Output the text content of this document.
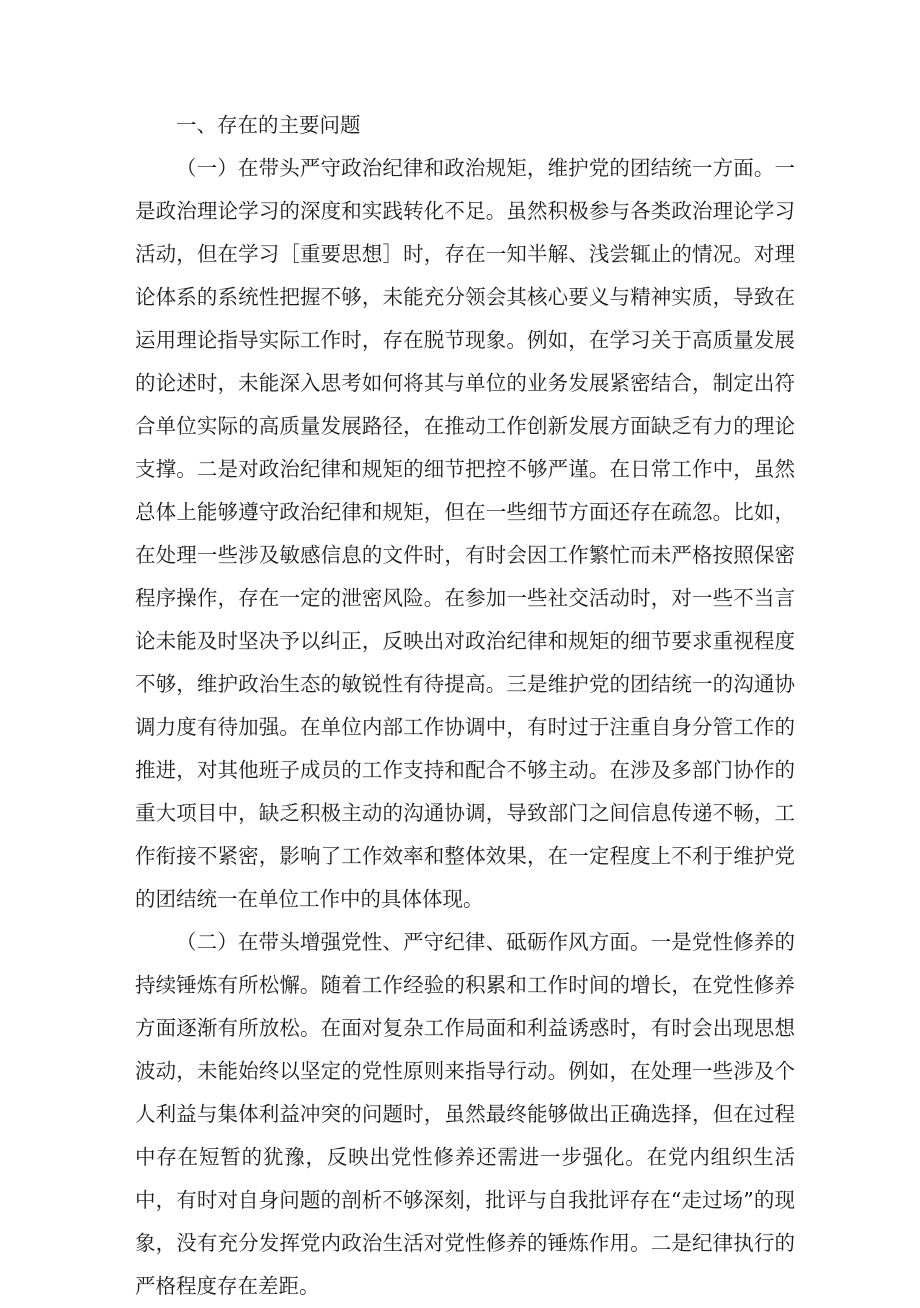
一、存在的主要问题

（一）在带头严守政治纪律和政治规矩，维护党的团结统一方面。一是政治理论学习的深度和实践转化不足。虽然积极参与各类政治理论学习活动，但在学习［重要思想］时，存在一知半解、浅尝辄止的情况。对理论体系的系统性把握不够，未能充分领会其核心要义与精神实质，导致在运用理论指导实际工作时，存在脱节现象。例如，在学习关于高质量发展的论述时，未能深入思考如何将其与单位的业务发展紧密结合，制定出符合单位实际的高质量发展路径，在推动工作创新发展方面缺乏有力的理论支撑。二是对政治纪律和规矩的细节把控不够严谨。在日常工作中，虽然总体上能够遵守政治纪律和规矩，但在一些细节方面还存在疏忽。比如，在处理一些涉及敏感信息的文件时，有时会因工作繁忙而未严格按照保密程序操作，存在一定的泄密风险。在参加一些社交活动时，对一些不当言论未能及时坚决予以纠正，反映出对政治纪律和规矩的细节要求重视程度不够，维护政治生态的敏锐性有待提高。三是维护党的团结统一的沟通协调力度有待加强。在单位内部工作协调中，有时过于注重自身分管工作的推进，对其他班子成员的工作支持和配合不够主动。在涉及多部门协作的重大项目中，缺乏积极主动的沟通协调，导致部门之间信息传递不畅，工作衔接不紧密，影响了工作效率和整体效果，在一定程度上不利于维护党的团结统一在单位工作中的具体体现。

（二）在带头增强党性、严守纪律、砥砺作风方面。一是党性修养的持续锤炼有所松懈。随着工作经验的积累和工作时间的增长，在党性修养方面逐渐有所放松。在面对复杂工作局面和利益诱惑时，有时会出现思想波动，未能始终以坚定的党性原则来指导行动。例如，在处理一些涉及个人利益与集体利益冲突的问题时，虽然最终能够做出正确选择，但在过程中存在短暂的犹豫，反映出党性修养还需进一步强化。在党内组织生活中，有时对自身问题的剖析不够深刻，批评与自我批评存在“走过场”的现象，没有充分发挥党内政治生活对党性修养的锤炼作用。二是纪律执行的严格程度存在差距。
